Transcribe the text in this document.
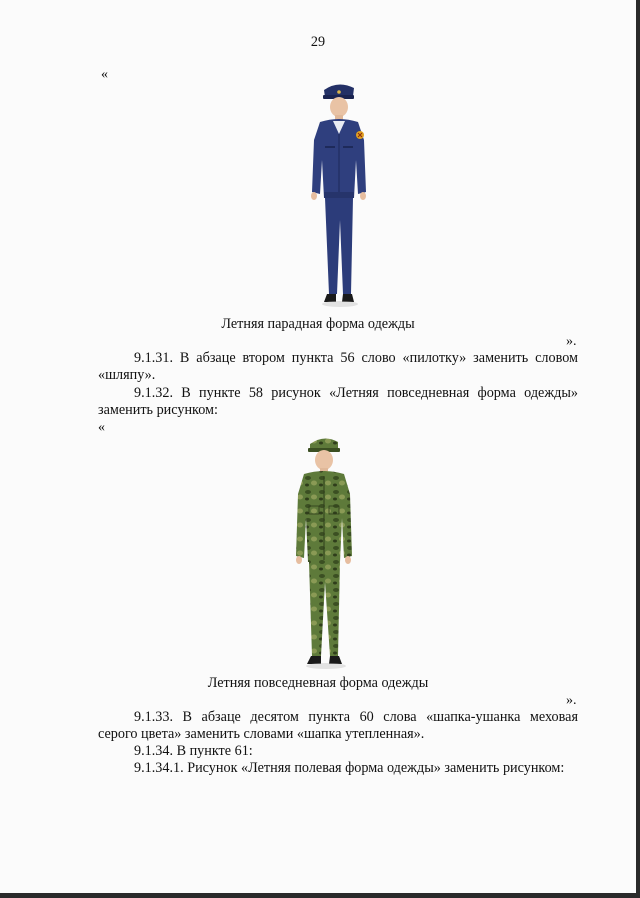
29
«
Летняя парадная форма одежды
».
9.1.31. В абзаце втором пункта 56 слово «пилотку» заменить словом
«шляпу».
9.1.32. В пункте 58 рисунок «Летняя повседневная форма одежды»
заменить рисунком:
«
Летняя повседневная форма одежды
».
9.1.33. В абзаце десятом пункта 60 слова «шапка-ушанка меховая
серого цвета» заменить словами «шапка утепленная».
9.1.34. В пункте 61:
9.1.34.1. Рисунок «Летняя полевая форма одежды» заменить рисунком:
